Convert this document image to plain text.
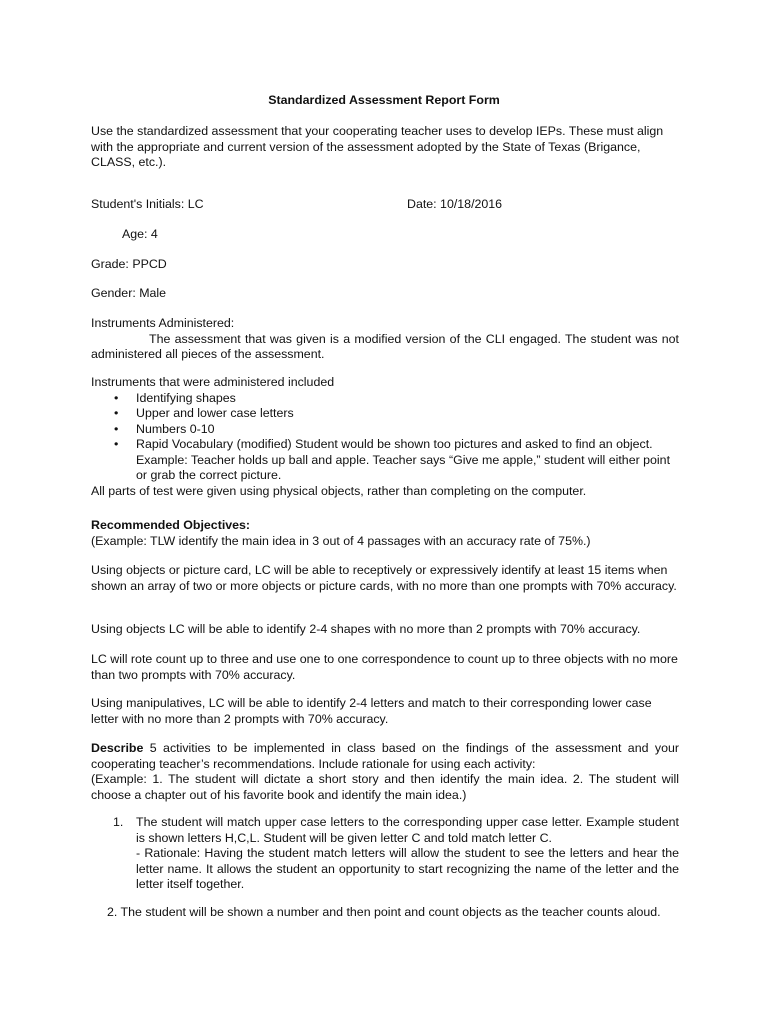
Standardized Assessment Report Form

Use the standardized assessment that your cooperating teacher uses to develop IEPs. These must align with the appropriate and current version of the assessment adopted by the State of Texas (Brigance, CLASS, etc.).

Student's Initials: LC	Date: 10/18/2016
Age: 4
Grade: PPCD
Gender: Male
Instruments Administered:
The assessment that was given is a modified version of the CLI engaged. The student was not administered all pieces of the assessment.
Instruments that were administered included
• Identifying shapes
• Upper and lower case letters
• Numbers 0-10
• Rapid Vocabulary (modified) Student would be shown too pictures and asked to find an object. Example: Teacher holds up ball and apple. Teacher says “Give me apple,” student will either point or grab the correct picture.
All parts of test were given using physical objects, rather than completing on the computer.
Recommended Objectives:
(Example: TLW identify the main idea in 3 out of 4 passages with an accuracy rate of 75%.)

Using objects or picture card, LC will be able to receptively or expressively identify at least 15 items when shown an array of two or more objects or picture cards, with no more than one prompts with 70% accuracy.

Using objects LC will be able to identify 2-4 shapes with no more than 2 prompts with 70% accuracy.

LC will rote count up to three and use one to one correspondence to count up to three objects with no more than two prompts with 70% accuracy.

Using manipulatives, LC will be able to identify 2-4 letters and match to their corresponding lower case letter with no more than 2 prompts with 70% accuracy.

Describe 5 activities to be implemented in class based on the findings of the assessment and your cooperating teacher’s recommendations. Include rationale for using each activity:
(Example: 1. The student will dictate a short story and then identify the main idea. 2. The student will choose a chapter out of his favorite book and identify the main idea.)
1. The student will match upper case letters to the corresponding upper case letter. Example student is shown letters H,C,L. Student will be given letter C and told match letter C.
- Rationale: Having the student match letters will allow the student to see the letters and hear the letter name. It allows the student an opportunity to start recognizing the name of the letter and the letter itself together.
2. The student will be shown a number and then point and count objects as the teacher counts aloud.
